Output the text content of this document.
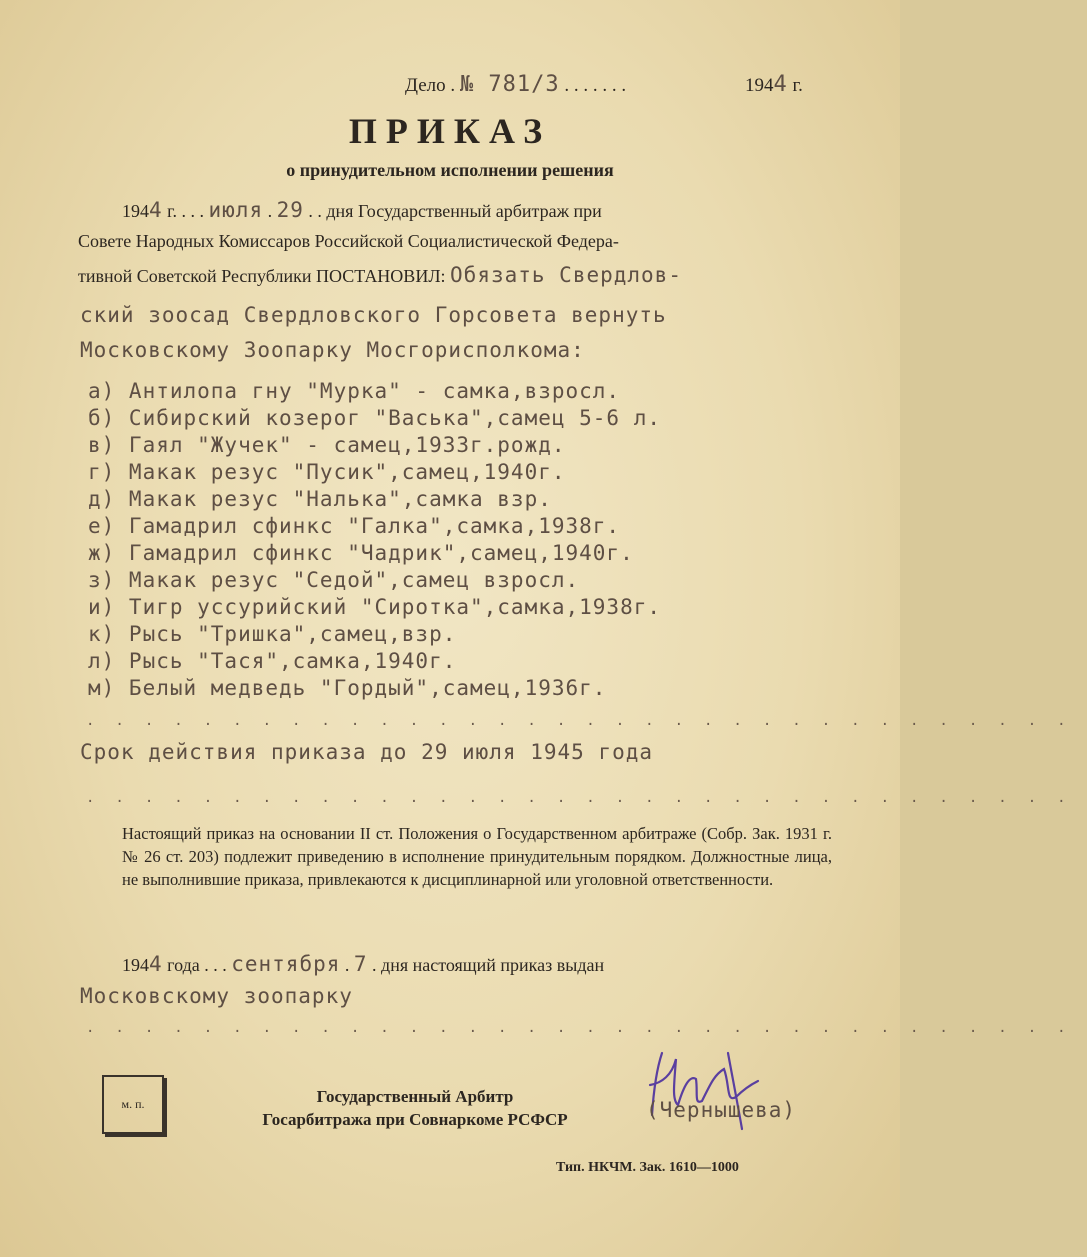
Дело . № 781/3 . . . . . . .	1944 г.
ПРИКАЗ
о принудительном исполнении решения
1944 г. . . . июля . 29 . . дня Государственный арбитраж при
Совете Народных Комиссаров Российской Социалистической Федера-
тивной Советской Республики ПОСТАНОВИЛ: Обязать Свердлов-
ский зоосад Свердловского Горсовета вернуть
Московскому Зоопарку Мосгорисполкома:
а) Антилопа гну "Мурка" - самка,взросл.
б) Сибирский козерог "Васька",самец 5-6 л.
в) Гаял "Жучек" - самец,1933г.рожд.
г) Макак резус "Пусик",самец,1940г.
д) Макак резус "Налька",самка взр.
е) Гамадрил сфинкс "Галка",самка,1938г.
ж) Гамадрил сфинкс "Чадрик",самец,1940г.
з) Макак резус "Седой",самец взросл.
и) Тигр уссурийский "Сиротка",самка,1938г.
к) Рысь "Тришка",самец,взр.
л) Рысь "Тася",самка,1940г.
м) Белый медведь "Гордый",самец,1936г.
..................................
Срок действия приказа до 29 июля 1945 года
..................................
Настоящий приказ на основании II ст. Положения о Государственном арбитраже (Собр. Зак. 1931 г. № 26 ст. 203) подлежит приведению в исполнение принудительным порядком. Должностные лица, не выполнившие приказа, привлекаются к дисциплинарной или уголовной ответственности.
1944 года . . . сентября . 7 . дня настоящий приказ выдан
Московскому зоопарку
..................................
м. п.	Государственный Арбитр
Госарбитража при Совнаркоме РСФСР	(Чернышева)
Тип. НКЧМ. Зак. 1610—1000
